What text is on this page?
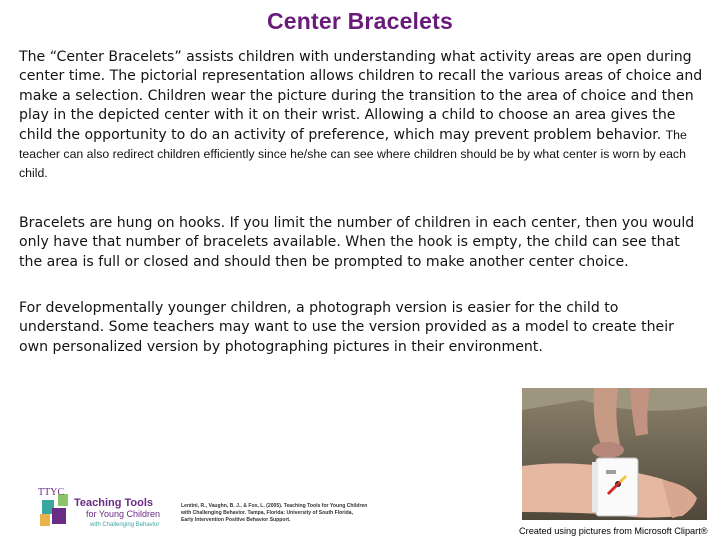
Center Bracelets

The “Center Bracelets” assists children with understanding what activity areas are open during center time. The pictorial representation allows children to recall the various areas of choice and make a selection. Children wear the picture during the transition to the area of choice and then play in the depicted center with it on their wrist. Allowing a child to choose an area gives the child the opportunity to do an activity of preference, which may prevent problem behavior. The teacher can also redirect children efficiently since he/she can see where children should be by what center is worn by each child.

Bracelets are hung on hooks. If you limit the number of children in each center, then you would only have that number of bracelets available. When the hook is empty, the child can see that the area is full or closed and should then be prompted to make another center choice.

For developmentally younger children, a photograph version is easier for the child to understand. Some teachers may want to use the version provided as a model to create their own personalized version by photographing pictures in their environment.

TTYC
Teaching Tools
for Young Children
with Challenging Behavior
Lentini, R., Vaughn, B. J., & Fox, L. (2005). Teaching Tools for Young Children
with Challenging Behavior. Tampa, Florida: University of South Florida,
Early Intervention Positive Behavior Support.
Created using pictures from Microsoft Clipart®
